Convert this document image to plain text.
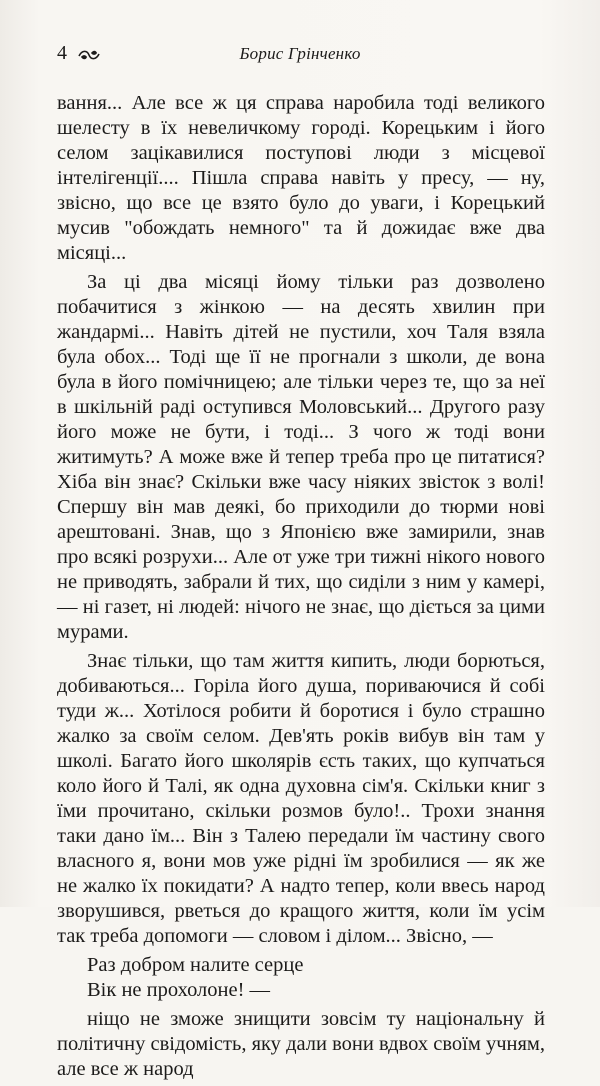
4	Борис Грінченко

вання... Але все ж ця справа наробила тоді великого шелесту в їх невеличкому городі. Корецьким і його селом зацікавилися поступові люди з місцевої інтелігенції.... Пішла справа навіть у пресу, — ну, звісно, що все це взято було до уваги, і Корецький мусив "обождать немного" та й дожидає вже два місяці...

За ці два місяці йому тільки раз дозволено побачитися з жінкою — на десять хвилин при жандармі... Навіть дітей не пустили, хоч Таля взяла була обох... Тоді ще її не прогнали з школи, де вона була в його помічницею; але тільки через те, що за неї в шкільній раді оступився Моловський... Другого разу його може не бути, і тоді... З чого ж тоді вони житимуть? А може вже й тепер треба про це питатися? Хіба він знає? Скільки вже часу ніяких звісток з волі! Спершу він мав деякі, бо приходили до тюрми нові арештовані. Знав, що з Японією вже замирили, знав про всякі розрухи... Але от уже три тижні нікого нового не приводять, забрали й тих, що сиділи з ним у камері, — ні газет, ні людей: нічого не знає, що діється за цими мурами.

Знає тільки, що там життя кипить, люди борються, добиваються... Горіла його душа, пориваючися й собі туди ж... Хотілося робити й боротися і було страшно жалко за своїм селом. Дев'ять років вибув він там у школі. Багато його школярів єсть таких, що купчаться коло його й Талі, як одна духовна сім'я. Скільки книг з їми прочитано, скільки розмов було!.. Трохи знання таки дано їм... Він з Талею передали їм частину свого власного я, вони мов уже рідні їм зробилися — як же не жалко їх покидати? А надто тепер, коли ввесь народ зворушився, рветься до кращого життя, коли їм усім так треба допомоги — словом і ділом... Звісно, —

Раз добром налите серце
Вік не прохолоне! —

ніщо не зможе знищити зовсім ту національну й політичну свідомість, яку дали вони вдвох своїм учням, але все ж народ
